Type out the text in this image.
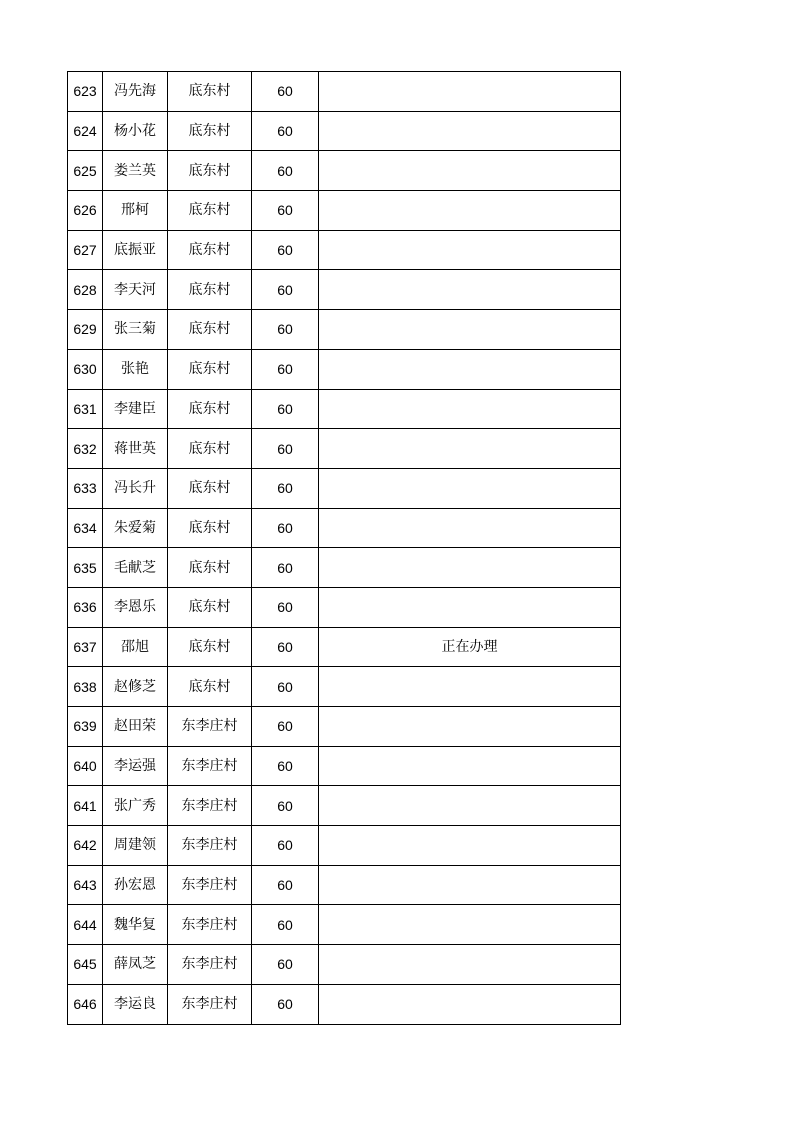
623	冯先海	底东村	60	
624	杨小花	底东村	60	
625	娄兰英	底东村	60	
626	邢柯	底东村	60	
627	底振亚	底东村	60	
628	李天河	底东村	60	
629	张三菊	底东村	60	
630	张艳	底东村	60	
631	李建臣	底东村	60	
632	蒋世英	底东村	60	
633	冯长升	底东村	60	
634	朱爱菊	底东村	60	
635	毛献芝	底东村	60	
636	李恩乐	底东村	60	
637	邵旭	底东村	60	正在办理
638	赵修芝	底东村	60	
639	赵田荣	东李庄村	60	
640	李运强	东李庄村	60	
641	张广秀	东李庄村	60	
642	周建领	东李庄村	60	
643	孙宏恩	东李庄村	60	
644	魏华复	东李庄村	60	
645	薛凤芝	东李庄村	60	
646	李运良	东李庄村	60	
